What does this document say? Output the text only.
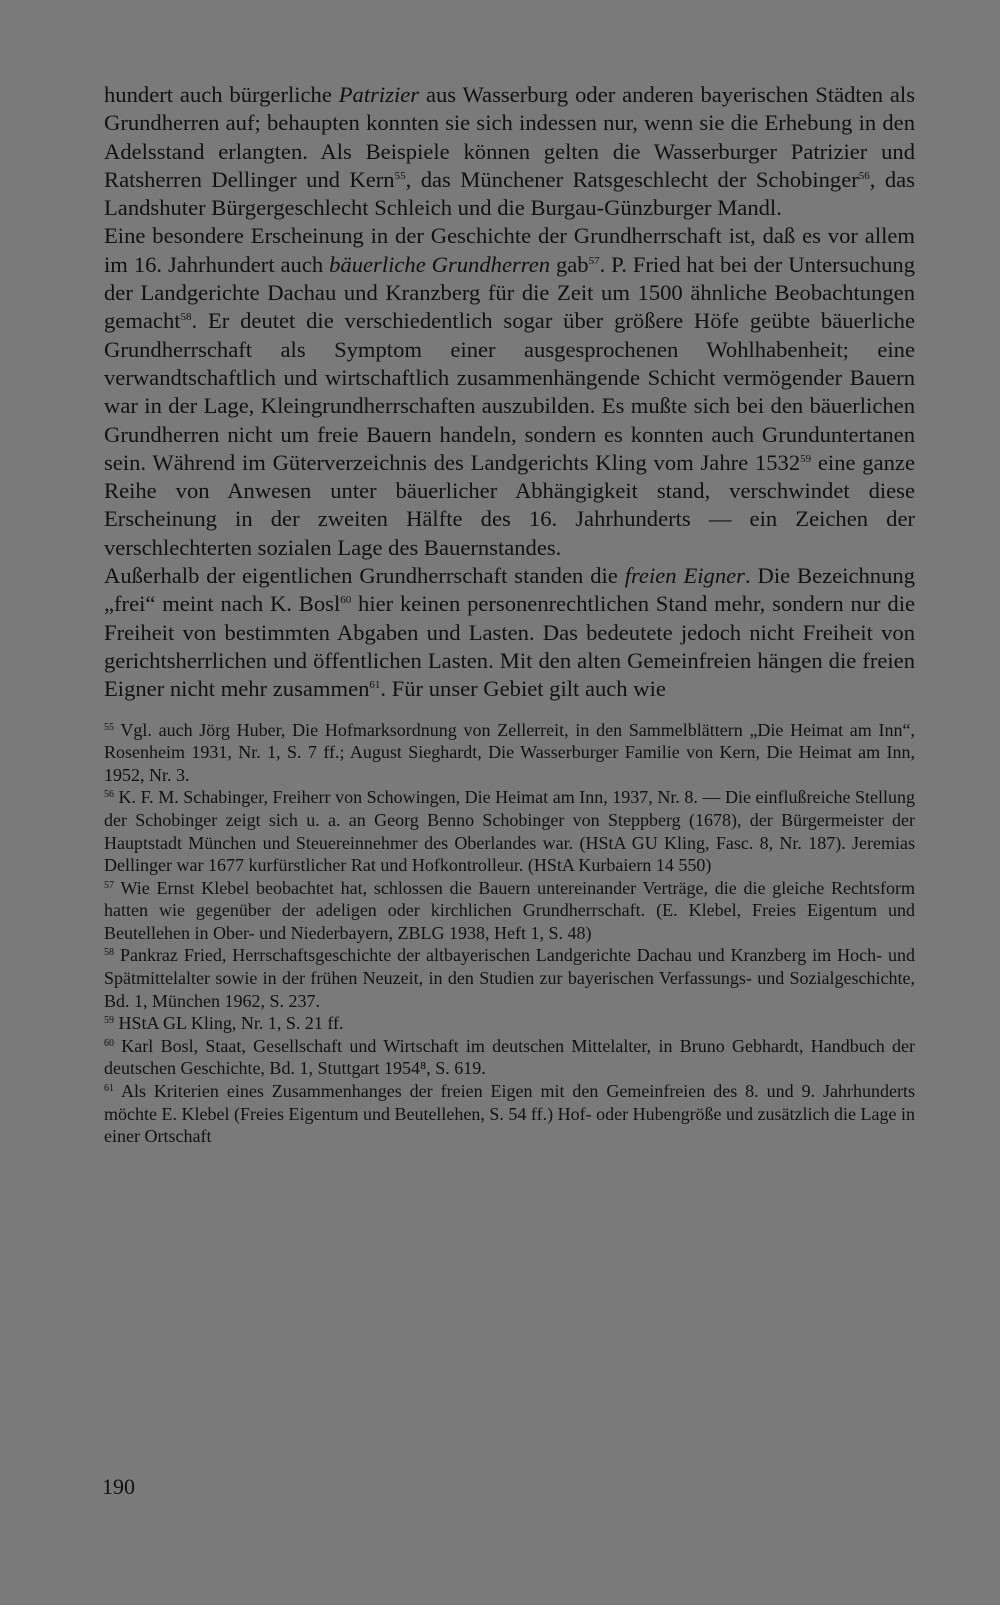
hundert auch bürgerliche Patrizier aus Wasserburg oder anderen bayerischen Städten als Grundherren auf; behaupten konnten sie sich indessen nur, wenn sie die Erhebung in den Adelsstand erlangten. Als Beispiele können gelten die Wasserburger Patrizier und Ratsherren Dellinger und Kern$^{55}$, das Münchener Ratsgeschlecht der Schobinger$^{56}$, das Landshuter Bürgergeschlecht Schleich und die Burgau-Günzburger Mandl.

Eine besondere Erscheinung in der Geschichte der Grundherrschaft ist, daß es vor allem im 16. Jahrhundert auch bäuerliche Grundherren gab$^{57}$. P. Fried hat bei der Untersuchung der Landgerichte Dachau und Kranzberg für die Zeit um 1500 ähnliche Beobachtungen gemacht$^{58}$. Er deutet die verschiedentlich sogar über größere Höfe geübte bäuerliche Grundherrschaft als Symptom einer ausgesprochenen Wohlhabenheit; eine verwandtschaftlich und wirtschaftlich zusammenhängende Schicht vermögender Bauern war in der Lage, Kleingrundherrschaften auszubilden. Es mußte sich bei den bäuerlichen Grundherren nicht um freie Bauern handeln, sondern es konnten auch Grunduntertanen sein. Während im Güterverzeichnis des Landgerichts Kling vom Jahre 1532$^{59}$ eine ganze Reihe von Anwesen unter bäuerlicher Abhängigkeit stand, verschwindet diese Erscheinung in der zweiten Hälfte des 16. Jahrhunderts — ein Zeichen der verschlechterten sozialen Lage des Bauernstandes.

Außerhalb der eigentlichen Grundherrschaft standen die freien Eigner. Die Bezeichnung „frei“ meint nach K. Bosl$^{60}$ hier keinen personenrechtlichen Stand mehr, sondern nur die Freiheit von bestimmten Abgaben und Lasten. Das bedeutete jedoch nicht Freiheit von gerichtsherrlichen und öffentlichen Lasten. Mit den alten Gemeinfreien hängen die freien Eigner nicht mehr zusammen$^{61}$. Für unser Gebiet gilt auch wie

$^{55}$ Vgl. auch Jörg Huber, Die Hofmarksordnung von Zellerreit, in den Sammelblättern „Die Heimat am Inn“, Rosenheim 1931, Nr. 1, S. 7 ff.; August Sieghardt, Die Wasserburger Familie von Kern, Die Heimat am Inn, 1952, Nr. 3.
$^{56}$ K. F. M. Schabinger, Freiherr von Schowingen, Die Heimat am Inn, 1937, Nr. 8. — Die einflußreiche Stellung der Schobinger zeigt sich u. a. an Georg Benno Schobinger von Steppberg (1678), der Bürgermeister der Hauptstadt München und Steuereinnehmer des Oberlandes war. (HStA GU Kling, Fasc. 8, Nr. 187). Jeremias Dellinger war 1677 kurfürstlicher Rat und Hofkontrolleur. (HStA Kurbaiern 14 550)
$^{57}$ Wie Ernst Klebel beobachtet hat, schlossen die Bauern untereinander Verträge, die die gleiche Rechtsform hatten wie gegenüber der adeligen oder kirchlichen Grundherrschaft. (E. Klebel, Freies Eigentum und Beutellehen in Ober- und Niederbayern, ZBLG 1938, Heft 1, S. 48)
$^{58}$ Pankraz Fried, Herrschaftsgeschichte der altbayerischen Landgerichte Dachau und Kranzberg im Hoch- und Spätmittelalter sowie in der frühen Neuzeit, in den Studien zur bayerischen Verfassungs- und Sozialgeschichte, Bd. 1, München 1962, S. 237.
$^{59}$ HStA GL Kling, Nr. 1, S. 21 ff.
$^{60}$ Karl Bosl, Staat, Gesellschaft und Wirtschaft im deutschen Mittelalter, in Bruno Gebhardt, Handbuch der deutschen Geschichte, Bd. 1, Stuttgart 1954⁸, S. 619.
$^{61}$ Als Kriterien eines Zusammenhanges der freien Eigen mit den Gemeinfreien des 8. und 9. Jahrhunderts möchte E. Klebel (Freies Eigentum und Beutellehen, S. 54 ff.) Hof- oder Hubengröße und zusätzlich die Lage in einer Ortschaft
190
